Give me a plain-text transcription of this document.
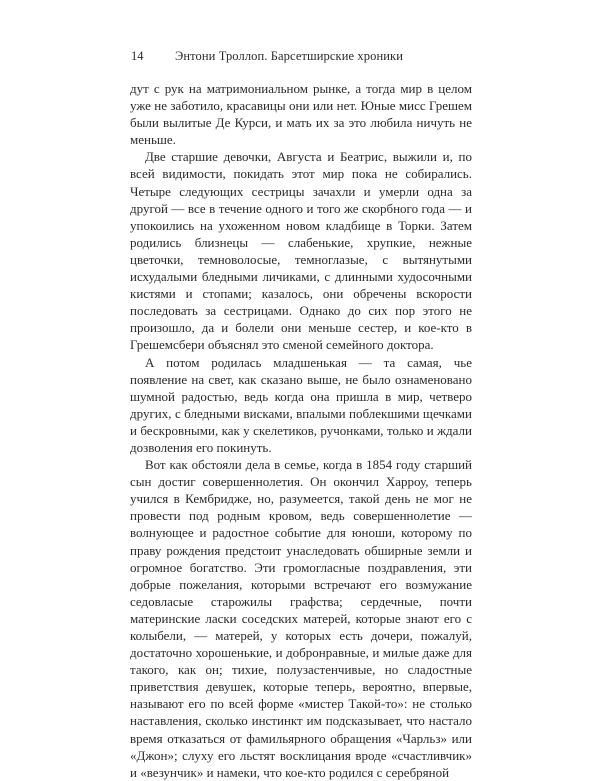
14	Энтони Троллоп. Барсетширские хроники

дут с рук на матримониальном рынке, а тогда мир в целом уже не заботило, красавицы они или нет. Юные мисс Грешем были вылитые Де Курси, и мать их за это любила ничуть не меньше.

Две старшие девочки, Августа и Беатрис, выжили и, по всей видимости, покидать этот мир пока не собирались. Четыре следующих сестрицы зачахли и умерли одна за другой — все в течение одного и того же скорбного года — и упокоились на ухоженном новом кладбище в Торки. Затем родились близнецы — слабенькие, хрупкие, нежные цветочки, темноволосые, темноглазые, с вытянутыми исхудалыми бледными личиками, с длинными худосочными кистями и стопами; казалось, они обречены вскорости последовать за сестрицами. Однако до сих пор этого не произошло, да и болели они меньше сестер, и кое-кто в Грешемсбери объяснял это сменой семейного доктора.

А потом родилась младшенькая — та самая, чье появление на свет, как сказано выше, не было ознаменовано шумной радостью, ведь когда она пришла в мир, четверо других, с бледными висками, впалыми поблекшими щечками и бескровными, как у скелетиков, ручонками, только и ждали дозволения его покинуть.

Вот как обстояли дела в семье, когда в 1854 году старший сын достиг совершеннолетия. Он окончил Харроу, теперь учился в Кембридже, но, разумеется, такой день не мог не провести под родным кровом, ведь совершеннолетие — волнующее и радостное событие для юноши, которому по праву рождения предстоит унаследовать обширные земли и огромное богатство. Эти громогласные поздравления, эти добрые пожелания, которыми встречают его возмужание седовласые старожилы графства; сердечные, почти материнские ласки соседских матерей, которые знают его с колыбели, — матерей, у которых есть дочери, пожалуй, достаточно хорошенькие, и добронравные, и милые даже для такого, как он; тихие, полузастенчивые, но сладостные приветствия девушек, которые теперь, вероятно, впервые, называют его по всей форме «мистер Такой-то»: не столько наставления, сколько инстинкт им подсказывает, что настало время отказаться от фамильярного обращения «Чарльз» или «Джон»; слуху его льстят восклицания вроде «счастливчик» и «везунчик» и намеки, что кое-кто родился с серебряной
